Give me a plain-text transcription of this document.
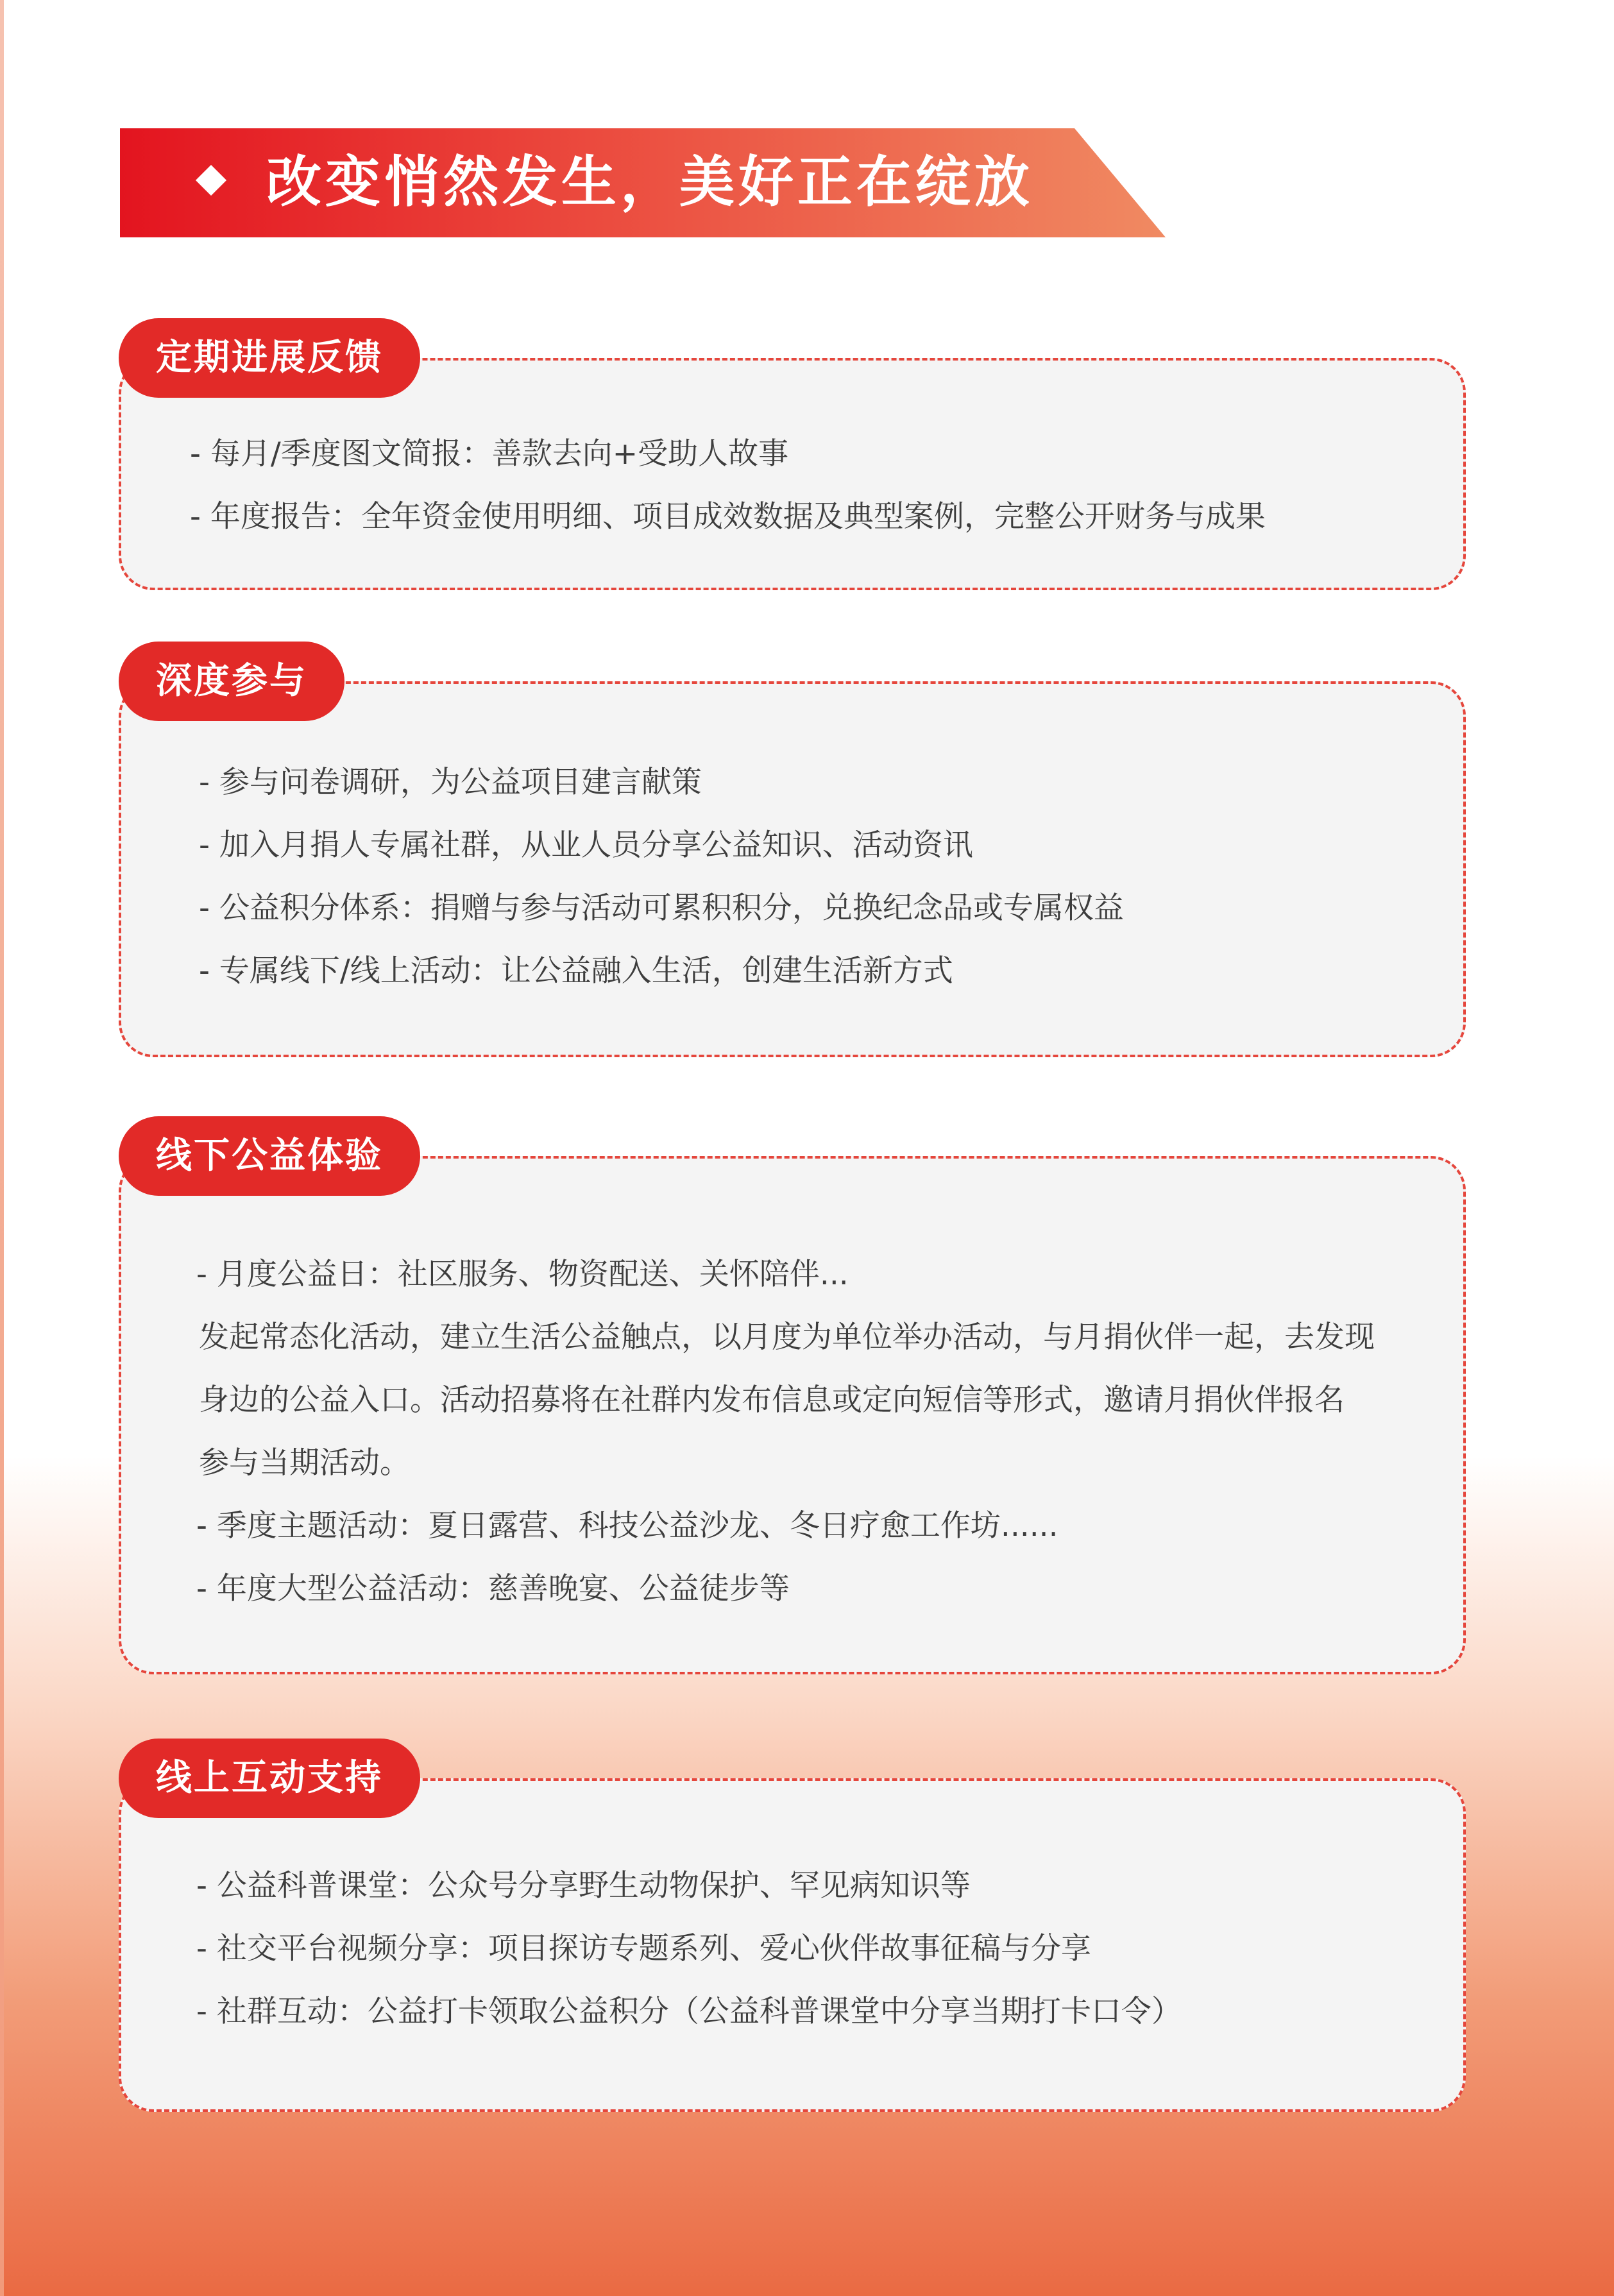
改变悄然发生，美好正在绽放
定期进展反馈
- 每月/季度图文简报：善款去向+受助人故事
- 年度报告：全年资金使用明细、项目成效数据及典型案例，完整公开财务与成果
深度参与
- 参与问卷调研，为公益项目建言献策
- 加入月捐人专属社群，从业人员分享公益知识、活动资讯
- 公益积分体系：捐赠与参与活动可累积积分，兑换纪念品或专属权益
- 专属线下/线上活动：让公益融入生活，创建生活新方式
线下公益体验
- 月度公益日：社区服务、物资配送、关怀陪伴...
发起常态化活动，建立生活公益触点，以月度为单位举办活动，与月捐伙伴一起，去发现
身边的公益入口。活动招募将在社群内发布信息或定向短信等形式，邀请月捐伙伴报名
参与当期活动。
- 季度主题活动：夏日露营、科技公益沙龙、冬日疗愈工作坊......
- 年度大型公益活动：慈善晚宴、公益徒步等
线上互动支持
- 公益科普课堂：公众号分享野生动物保护、罕见病知识等
- 社交平台视频分享：项目探访专题系列、爱心伙伴故事征稿与分享
- 社群互动：公益打卡领取公益积分（公益科普课堂中分享当期打卡口令）
